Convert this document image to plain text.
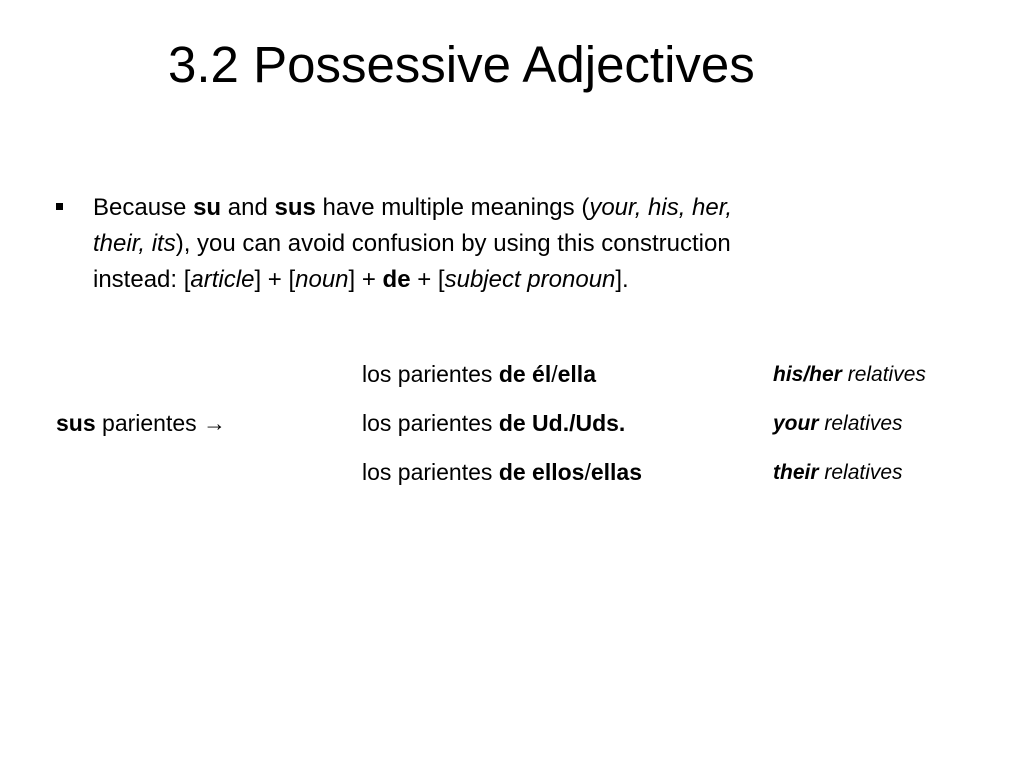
3.2 Possessive Adjectives
Because su and sus have multiple meanings (your, his, her,
their, its), you can avoid confusion by using this construction
instead: [article] + [noun] + de + [subject pronoun].
los parientes de él/ella	his/her relatives
sus parientes →	los parientes de Ud./Uds.	your relatives
los parientes de ellos/ellas	their relatives
